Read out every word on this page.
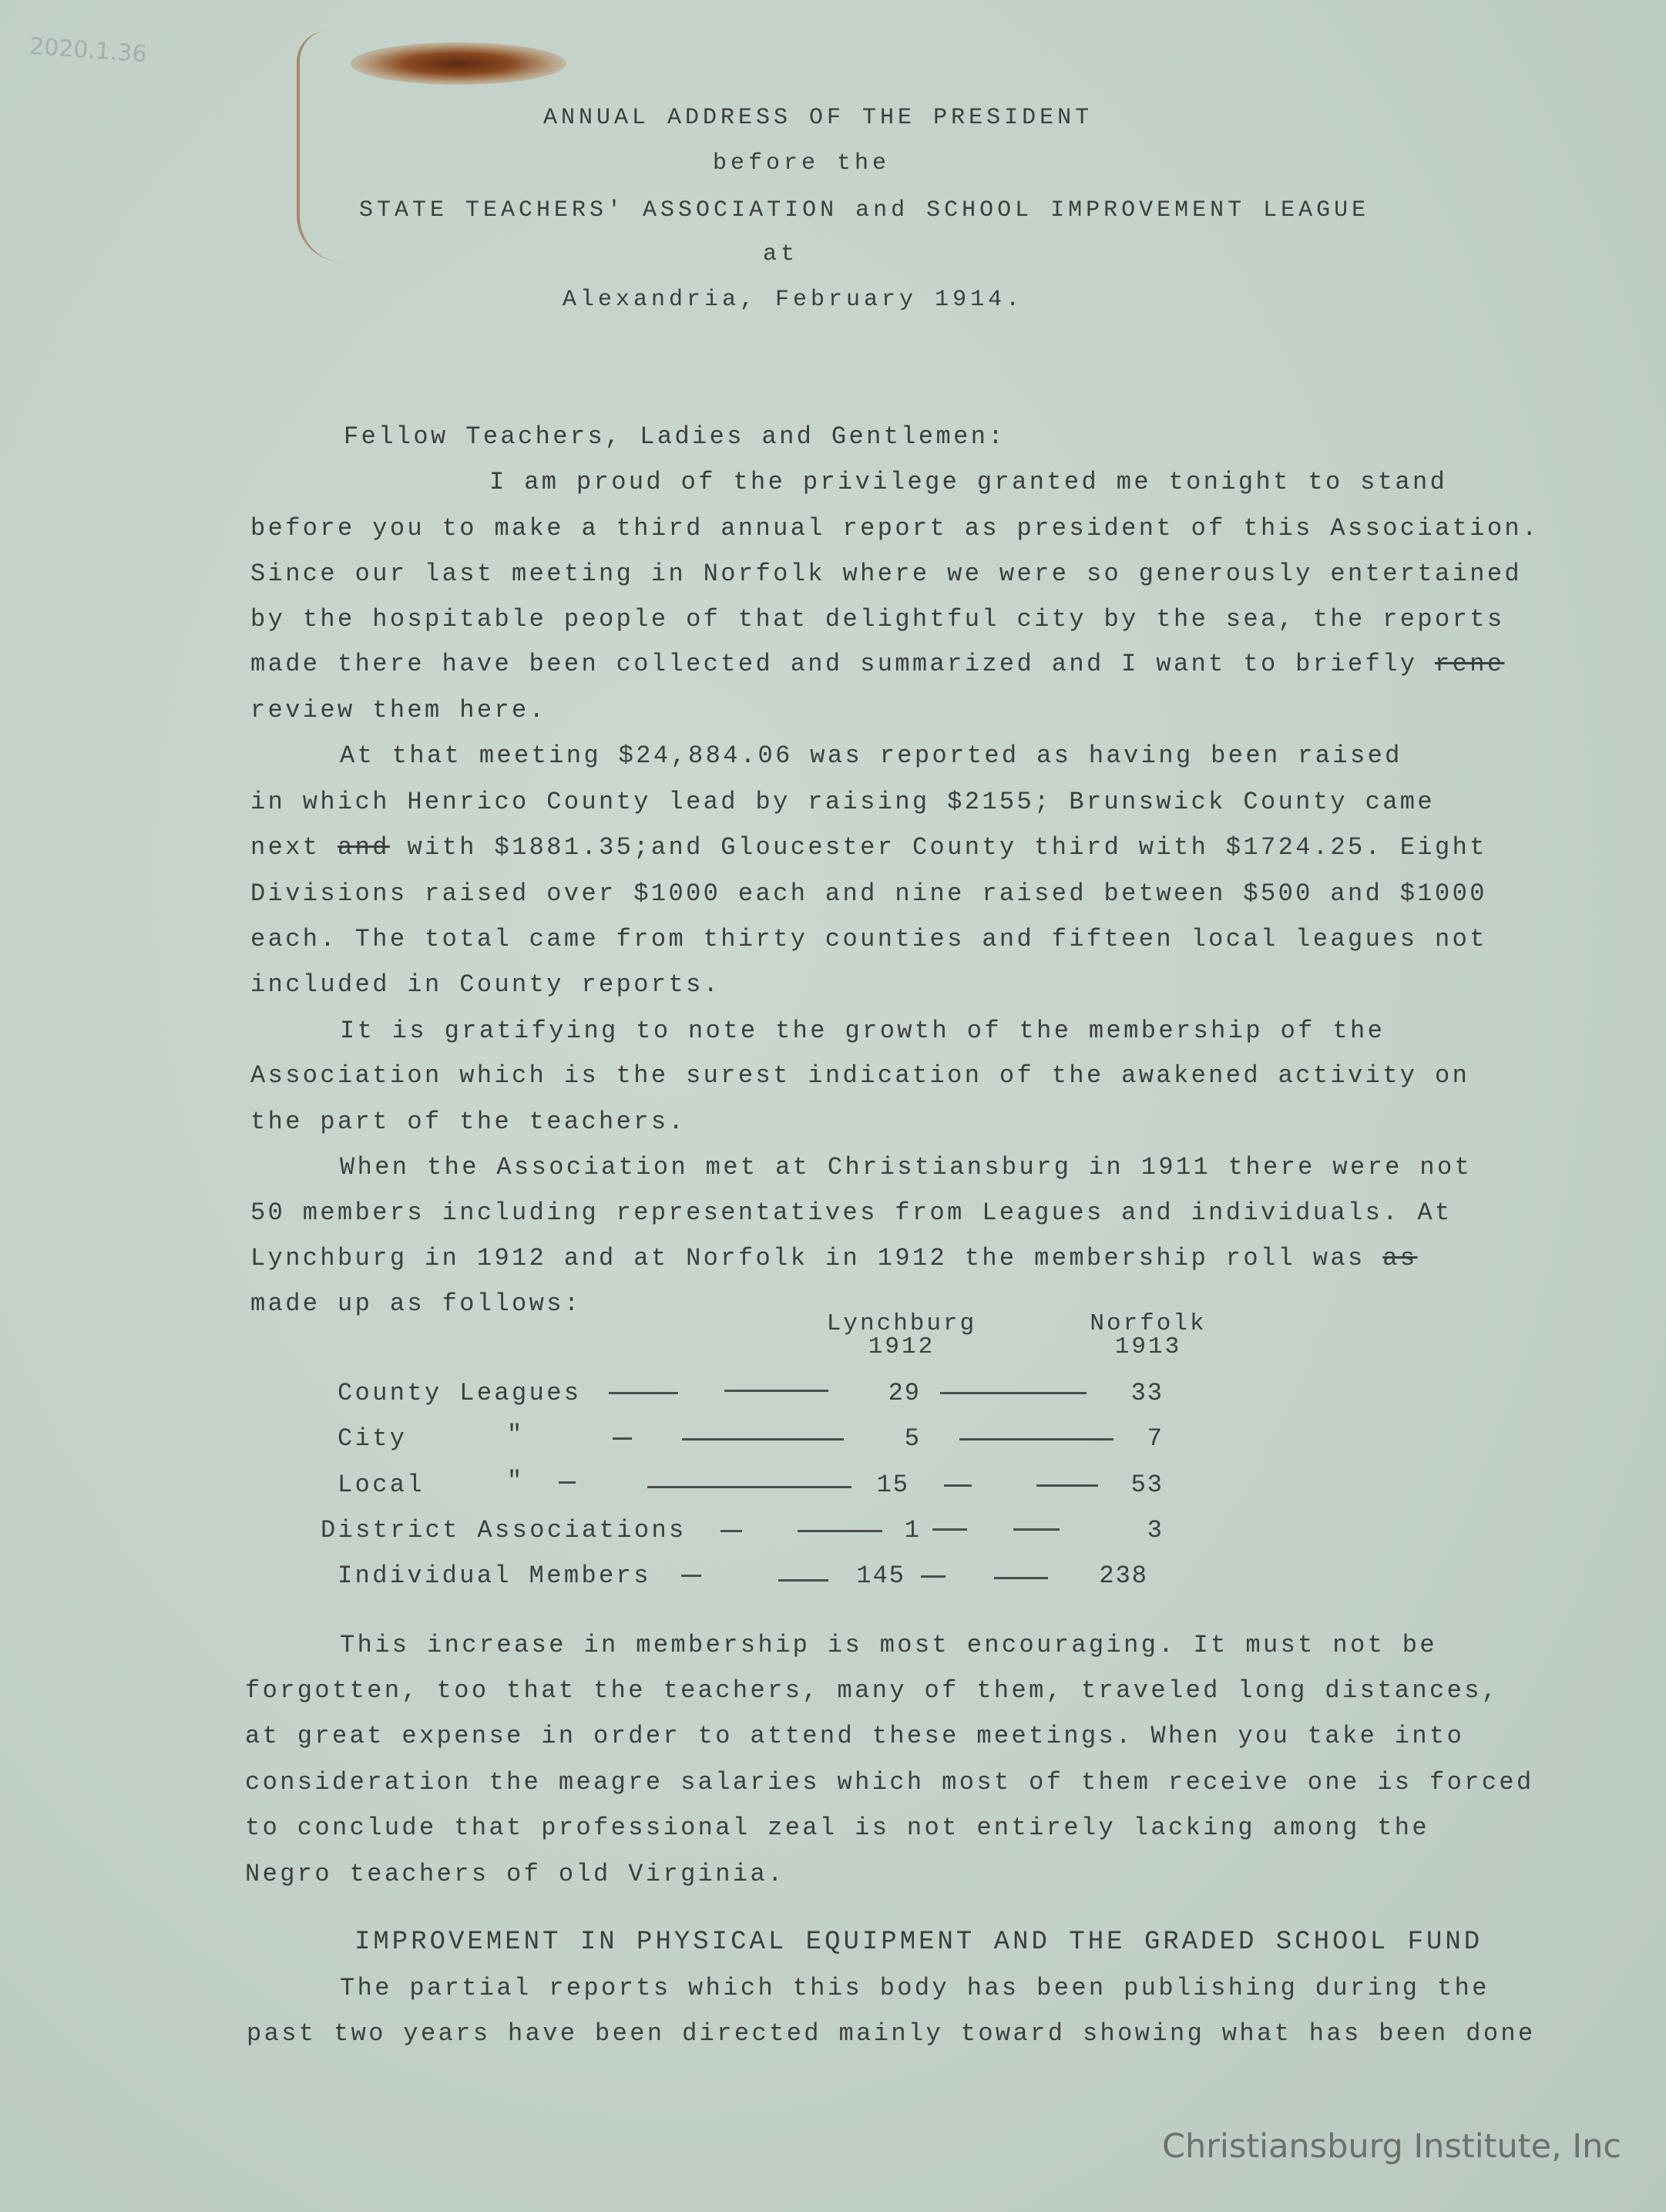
2020.1.36
ANNUAL ADDRESS OF THE PRESIDENT
before the
STATE TEACHERS' ASSOCIATION and SCHOOL IMPROVEMENT LEAGUE
at
Alexandria, February 1914.
Fellow Teachers, Ladies and Gentlemen:
I am proud of the privilege granted me tonight to stand
before you to make a third annual report as president of this Association.
Since our last meeting in Norfolk where we were so generously entertained
by the hospitable people of that delightful city by the sea, the reports
made there have been collected and summarized and I want to briefly rene
review them here.
At that meeting $24,884.06 was reported as having been raised
in which Henrico County lead by raising $2155; Brunswick County came
next and with $1881.35;and Gloucester County third with $1724.25. Eight
Divisions raised over $1000 each and nine raised between $500 and $1000
each. The total came from thirty counties and fifteen local leagues not
included in County reports.
It is gratifying to note the growth of the membership of the
Association which is the surest indication of the awakened activity on
the part of the teachers.
When the Association met at Christiansburg in 1911 there were not
50 members including representatives from Leagues and individuals. At
Lynchburg in 1912 and at Norfolk in 1912 the membership roll was as
made up as follows:
Lynchburg
1912
Norfolk
1913
County Leagues	29	33
City	"	5	7
Local	"	15	53
District Associations	1	3
Individual Members	145	238
This increase in membership is most encouraging. It must not be
forgotten, too that the teachers, many of them, traveled long distances,
at great expense in order to attend these meetings. When you take into
consideration the meagre salaries which most of them receive one is forced
to conclude that professional zeal is not entirely lacking among the
Negro teachers of old Virginia.
IMPROVEMENT IN PHYSICAL EQUIPMENT AND THE GRADED SCHOOL FUND
The partial reports which this body has been publishing during the
past two years have been directed mainly toward showing what has been done
Christiansburg Institute, Inc
